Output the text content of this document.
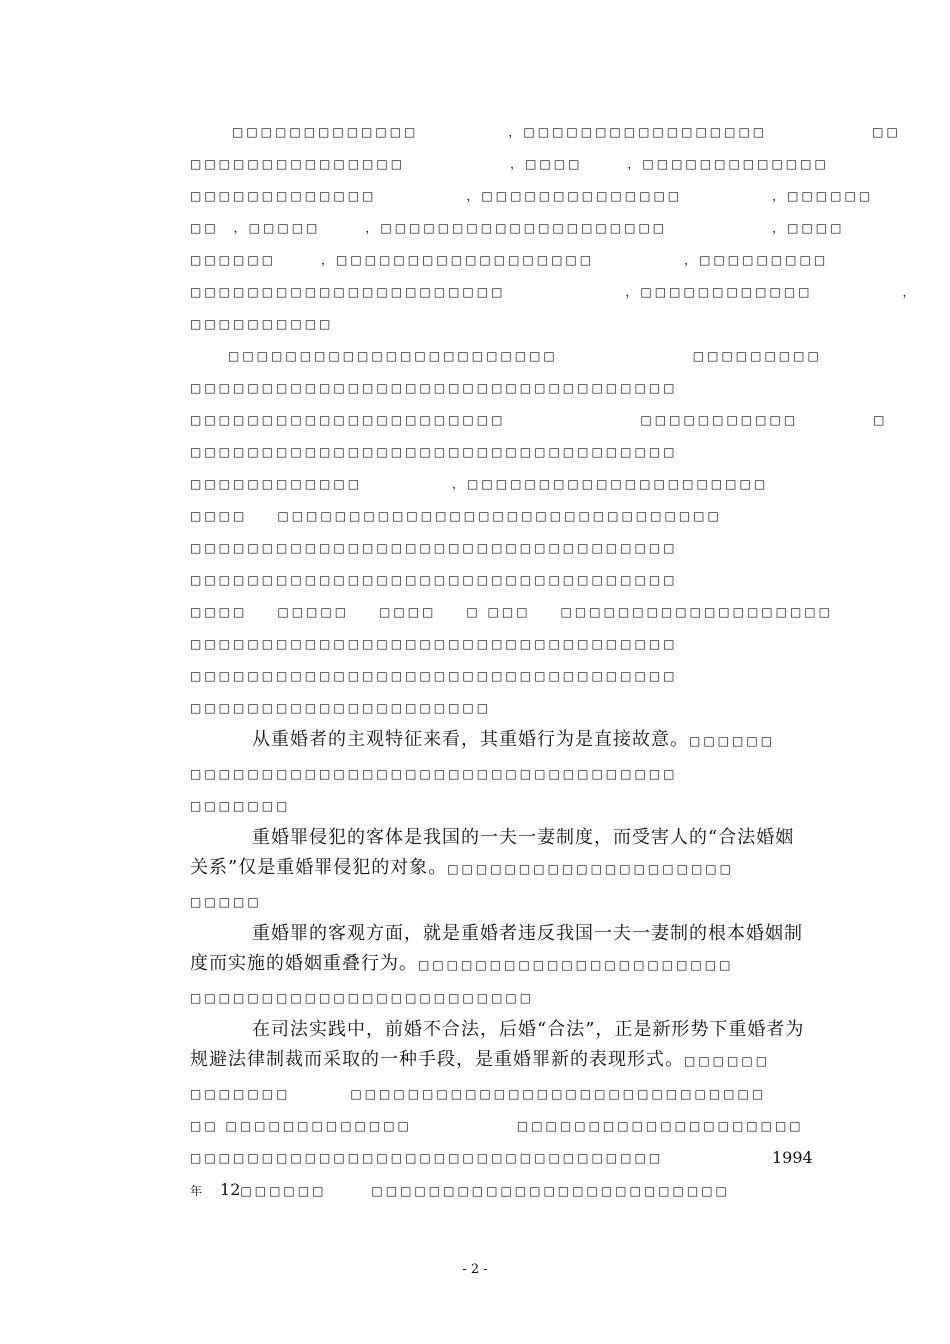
□□□□□□□□□□□□□　　　　　　，□□□□□□□□□□□□□□□□□　　　　　　　□□
□□□□□□□□□□□□□□□　　　　　　　，□□□□　　　，□□□□□□□□□□□□□
□□□□□□□□□□□□□　　　　　　，□□□□□□□□□□□□□□　　　　　　，□□□□□□
□□　，□□□□□　　　，□□□□□□□□□□□□□□□□□□□□　　　　　　　，□□□□
□□□□□□　　　，□□□□□□□□□□□□□□□□□□　　　　　　，□□□□□□□□□
□□□□□□□□□□□□□□□□□□□□□□　　　　　　　　，□□□□□□□□□□□□　　　　　　，
□□□□□□□□□□
□□□□□□□□□□□□□□□□□□□□□□□　　　　　　　　　□□□□□□□□□
□□□□□□□□□□□□□□□□□□□□□□□□□□□□□□□□□□
□□□□□□□□□□□□□□□□□□□□□□　　　　　　　　　□□□□□□□□□□□　　　　　□
□□□□□□□□□□□□□□□□□□□□□□□□□□□□□□□□□□
□□□□□□□□□□□□　　　　　　，□□□□□□□□□□□□□□□□□□□□□
□□□□　　□□□□□□□□□□□□□□□□□□□□□□□□□□□□□□□
□□□□□□□□□□□□□□□□□□□□□□□□□□□□□□□□□□
□□□□□□□□□□□□□□□□□□□□□□□□□□□□□□□□□□
□□□□　　□□□□□　　□□□□　　□ □□□　　□□□□□□□□□□□□□□□□□□□
□□□□□□□□□□□□□□□□□□□□□□□□□□□□□□□□□□
□□□□□□□□□□□□□□□□□□□□□□□□□□□□□□□□□□
□□□□□□□□□□□□□□□□□□□□□
从重婚者的主观特征来看，其重婚行为是直接故意。□□□□□□
□□□□□□□□□□□□□□□□□□□□□□□□□□□□□□□□□□
□□□□□□□
重婚罪侵犯的客体是我国的一夫一妻制度，而受害人的“合法婚姻
关系”仅是重婚罪侵犯的对象。□□□□□□□□□□□□□□□□□□□□
□□□□□
重婚罪的客观方面，就是重婚者违反我国一夫一妻制的根本婚姻制
度而实施的婚姻重叠行为。□□□□□□□□□□□□□□□□□□□□□□
□□□□□□□□□□□□□□□□□□□□□□□□
在司法实践中，前婚不合法，后婚“合法”，正是新形势下重婚者为
规避法律制裁而采取的一种手段，是重婚罪新的表现形式。□□□□□□
□□□□□□□　　　　□□□□□□□□□□□□□□□□□□□□□□□□□□□□□
□□ □□□□□□□□□□□□□　　　　　　　□□□□□□□□□□□□□□□□□□□□
□□□□□□□□□□□□□□□□□□□□□□□□□□□□□□□□□	1994
年　 12□□□□□□　　　□□□□□□□□□□□□□□□□□□□□□□□□□
- 2 -
